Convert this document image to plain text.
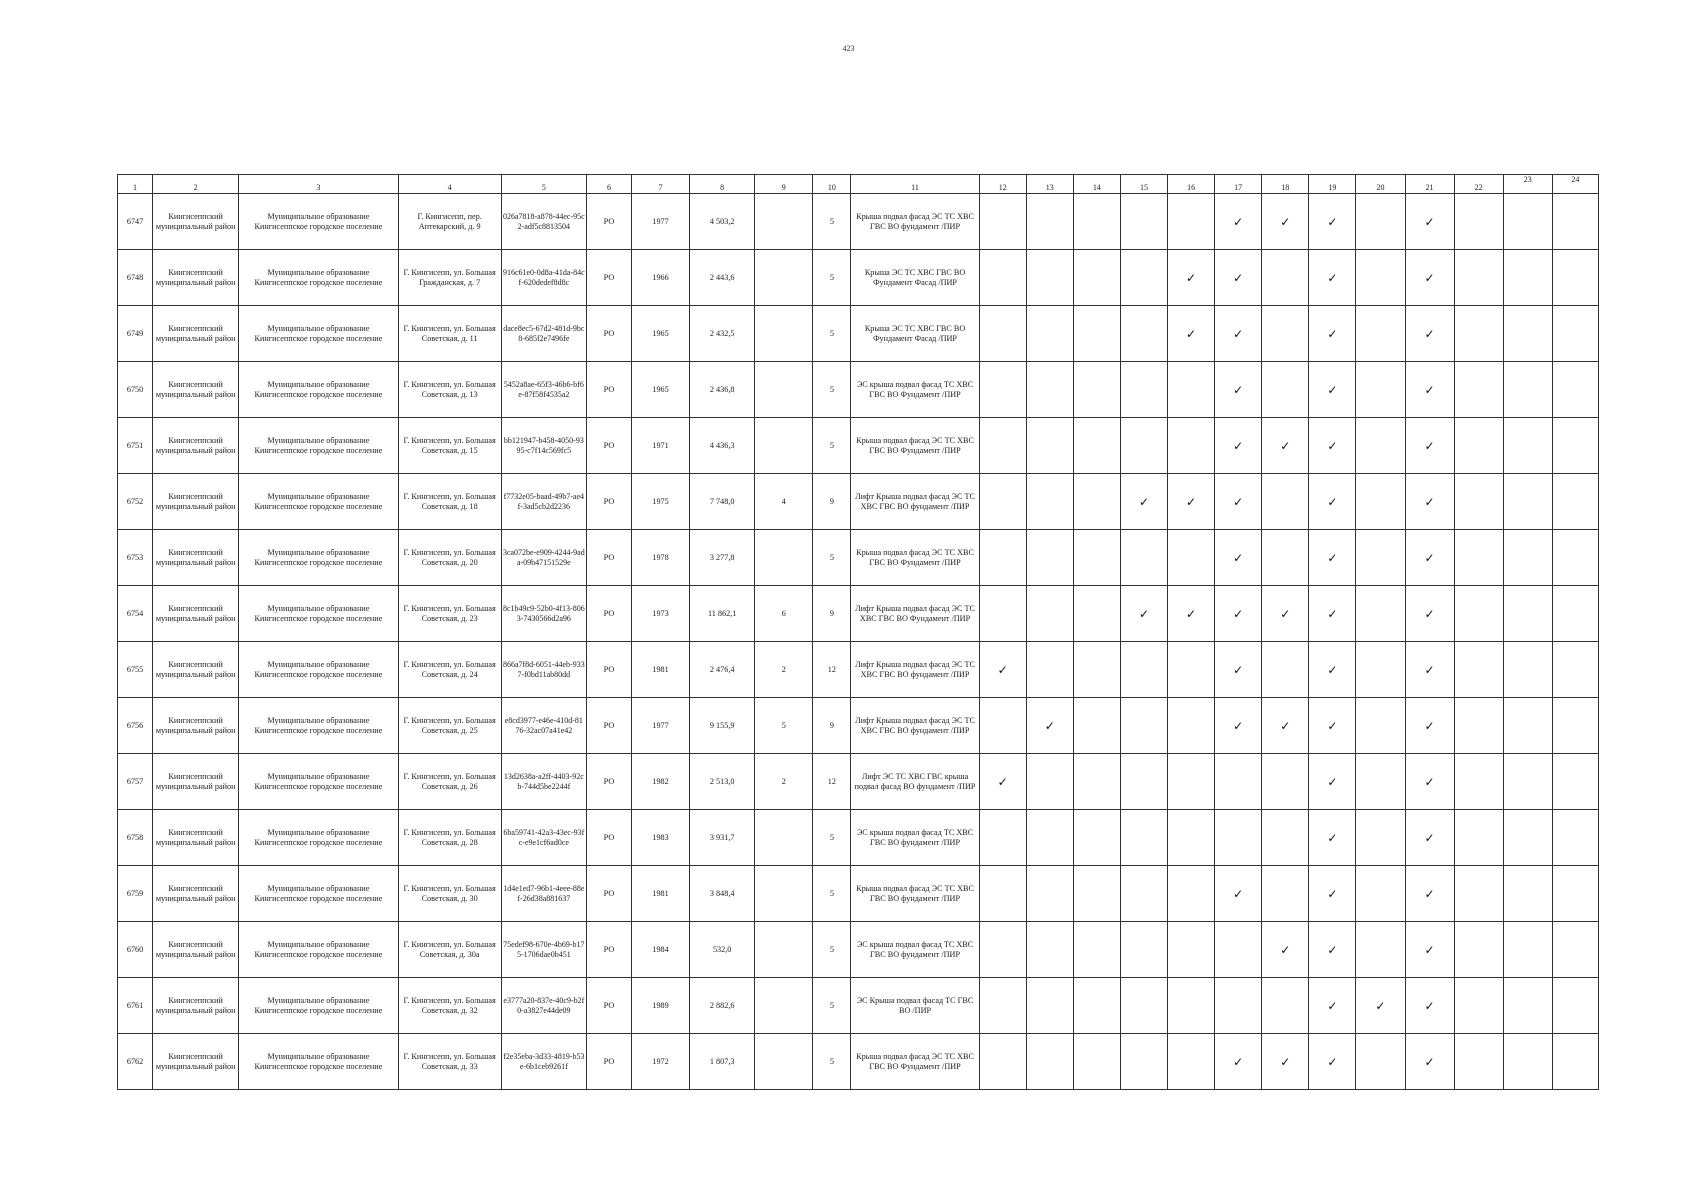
423
1	2	3	4	5	6	7	8	9	10	11	12	13	14	15	16	17	18	19	20	21	22	23	24
6747	Кингисеппский муниципальный район	Муниципальное образование Кингисеппское городское поселение	Г. Кингисепп, пер. Аптекарский, д. 9	026a7818-a878-44ec-95c2-adf5c8813504	РО	1977	4 503,2		5	Крыша подвал фасад ЭС ТС ХВС ГВС ВО фундамент /ПИР						✓	✓	✓		✓			
6748	Кингисеппский муниципальный район	Муниципальное образование Кингисеппское городское поселение	Г. Кингисепп, ул. Большая Гражданская, д. 7	916c61e0-0d8a-41da-84cf-620dedef8d8c	РО	1966	2 443,6		5	Крыша ЭС ТС ХВС ГВС ВО Фундамент Фасад /ПИР					✓	✓		✓		✓			
6749	Кингисеппский муниципальный район	Муниципальное образование Кингисеппское городское поселение	Г. Кингисепп, ул. Большая Советская, д. 11	dace8ec5-67d2-481d-9bc8-685f2e7496fe	РО	1965	2 432,5		5	Крыша ЭС ТС ХВС ГВС ВО Фундамент Фасад /ПИР					✓	✓		✓		✓			
6750	Кингисеппский муниципальный район	Муниципальное образование Кингисеппское городское поселение	Г. Кингисепп, ул. Большая Советская, д. 13	5452a8ae-65f3-46b6-bf6e-87f58f4535a2	РО	1965	2 436,8		5	ЭС крыша подвал фасад ТС ХВС ГВС ВО Фундамент /ПИР						✓		✓		✓			
6751	Кингисеппский муниципальный район	Муниципальное образование Кингисеппское городское поселение	Г. Кингисепп, ул. Большая Советская, д. 15	bb121947-b458-4050-9395-c7f14c569fc5	РО	1971	4 436,3		5	Крыша подвал фасад ЭС ТС ХВС ГВС ВО Фундамент /ПИР						✓	✓	✓		✓			
6752	Кингисеппский муниципальный район	Муниципальное образование Кингисеппское городское поселение	Г. Кингисепп, ул. Большая Советская, д. 18	f7732e05-baad-49b7-ae4f-3ad5cb2d2236	РО	1975	7 748,0	4	9	Лифт Крыша подвал фасад ЭС ТС ХВС ГВС ВО фундамент /ПИР				✓	✓	✓		✓		✓			
6753	Кингисеппский муниципальный район	Муниципальное образование Кингисеппское городское поселение	Г. Кингисепп, ул. Большая Советская, д. 20	3ca072be-e909-4244-9ada-09b47151529e	РО	1978	3 277,8		5	Крыша подвал фасад ЭС ТС ХВС ГВС ВО Фундамент /ПИР						✓		✓		✓			
6754	Кингисеппский муниципальный район	Муниципальное образование Кингисеппское городское поселение	Г. Кингисепп, ул. Большая Советская, д. 23	8c1b49c9-52b0-4f13-8063-7430566d2a96	РО	1973	11 862,1	6	9	Лифт Крыша подвал фасад ЭС ТС ХВС ГВС ВО Фундамент /ПИР				✓	✓	✓	✓	✓		✓			
6755	Кингисеппский муниципальный район	Муниципальное образование Кингисеппское городское поселение	Г. Кингисепп, ул. Большая Советская, д. 24	866a7f8d-6051-44eb-9337-f0bd11ab80dd	РО	1981	2 476,4	2	12	Лифт Крыша подвал фасад ЭС ТС ХВС ГВС ВО фундамент /ПИР	✓					✓		✓		✓			
6756	Кингисеппский муниципальный район	Муниципальное образование Кингисеппское городское поселение	Г. Кингисепп, ул. Большая Советская, д. 25	e8cd3977-e46e-410d-8176-32ac07a41e42	РО	1977	9 155,9	5	9	Лифт Крыша подвал фасад ЭС ТС ХВС ГВС ВО фундамент /ПИР		✓				✓	✓	✓		✓			
6757	Кингисеппский муниципальный район	Муниципальное образование Кингисеппское городское поселение	Г. Кингисепп, ул. Большая Советская, д. 26	13d2638a-a2ff-4403-92cb-744d5be2244f	РО	1982	2 513,0	2	12	Лифт ЭС ТС ХВС ГВС крыша подвал фасад ВО фундамент /ПИР	✓							✓		✓			
6758	Кингисеппский муниципальный район	Муниципальное образование Кингисеппское городское поселение	Г. Кингисепп, ул. Большая Советская, д. 28	6ba59741-42a3-43ec-93fc-e9e1cf6ad0ce	РО	1983	3 931,7		5	ЭС крыша подвал фасад ТС ХВС ГВС ВО фундамент /ПИР								✓		✓			
6759	Кингисеппский муниципальный район	Муниципальное образование Кингисеппское городское поселение	Г. Кингисепп, ул. Большая Советская, д. 30	1d4e1ed7-96b1-4eee-88ef-26d38a881637	РО	1981	3 848,4		5	Крыша подвал фасад ЭС ТС ХВС ГВС ВО фундамент /ПИР						✓		✓		✓			
6760	Кингисеппский муниципальный район	Муниципальное образование Кингисеппское городское поселение	Г. Кингисепп, ул. Большая Советская, д. 30а	75edef98-670e-4b69-b175-1706dae0b451	РО	1984	532,0		5	ЭС крыша подвал фасад ТС ХВС ГВС ВО фундамент /ПИР							✓	✓		✓			
6761	Кингисеппский муниципальный район	Муниципальное образование Кингисеппское городское поселение	Г. Кингисепп, ул. Большая Советская, д. 32	e3777a20-837e-40c9-b2f0-a3827e44de09	РО	1989	2 882,6		5	ЭС Крыша подвал фасад ТС ГВС ВО /ПИР								✓	✓	✓			
6762	Кингисеппский муниципальный район	Муниципальное образование Кингисеппское городское поселение	Г. Кингисепп, ул. Большая Советская, д. 33	f2e35eba-3d33-4819-b53e-6b1ceb9261f	РО	1972	1 807,3		5	Крыша подвал фасад ЭС ТС ХВС ГВС ВО Фундамент /ПИР						✓	✓	✓		✓			
